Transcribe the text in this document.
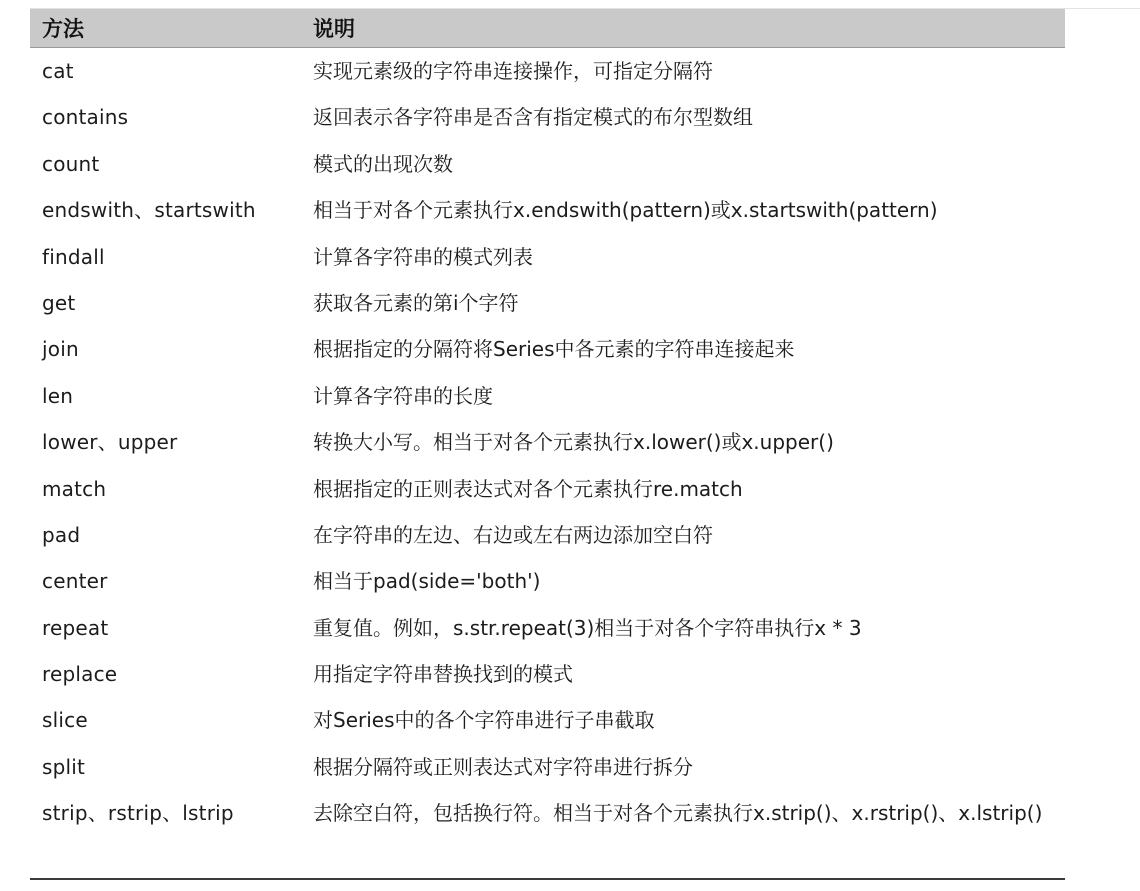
方法	说明
cat	实现元素级的字符串连接操作，可指定分隔符
contains	返回表示各字符串是否含有指定模式的布尔型数组
count	模式的出现次数
endswith、startswith	相当于对各个元素执行x.endswith(pattern)或x.startswith(pattern)
findall	计算各字符串的模式列表
get	获取各元素的第i个字符
join	根据指定的分隔符将Series中各元素的字符串连接起来
len	计算各字符串的长度
lower、upper	转换大小写。相当于对各个元素执行x.lower()或x.upper()
match	根据指定的正则表达式对各个元素执行re.match
pad	在字符串的左边、右边或左右两边添加空白符
center	相当于pad(side='both')
repeat	重复值。例如，s.str.repeat(3)相当于对各个字符串执行x * 3
replace	用指定字符串替换找到的模式
slice	对Series中的各个字符串进行子串截取
split	根据分隔符或正则表达式对字符串进行拆分
strip、rstrip、lstrip	去除空白符，包括换行符。相当于对各个元素执行x.strip()、x.rstrip()、x.lstrip()
